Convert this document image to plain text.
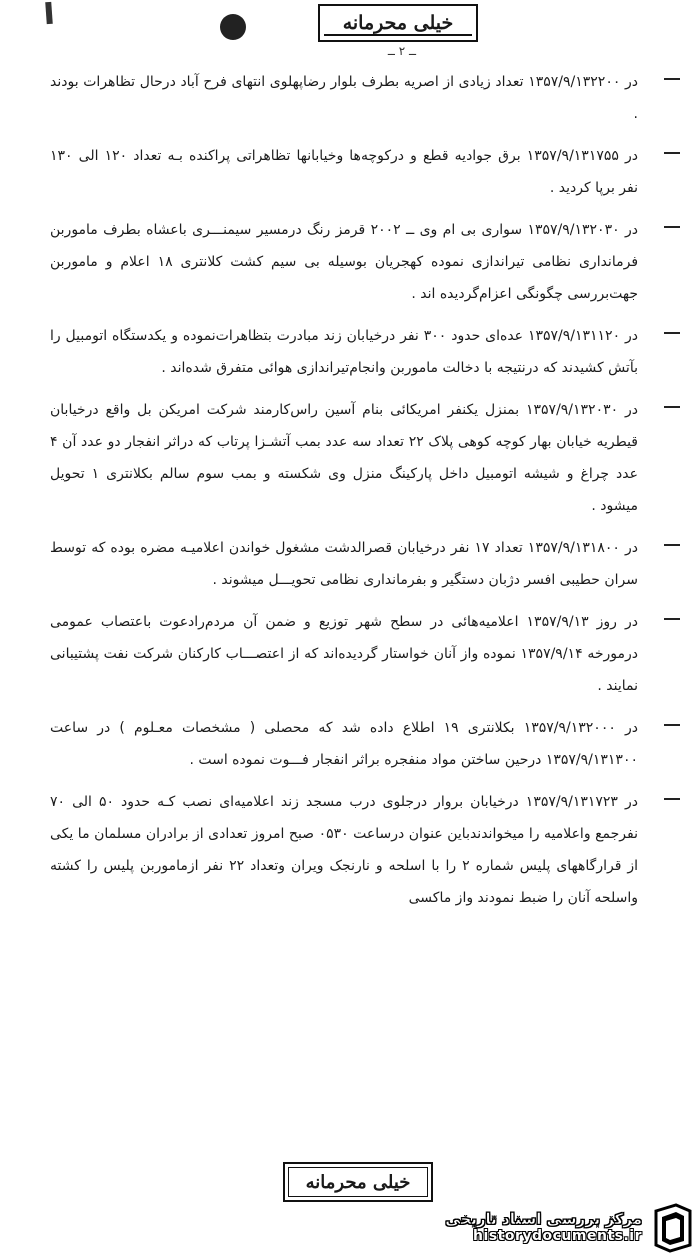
خیلی محرمانه
ــ ۲ ــ

در ۱۳۵۷/۹/۱۳۲۲۰۰ تعداد زیادی از اصریه بطرف بلوار رضاپهلوی انتهای فرح آباد درحال تظاهرات بودند .

در ۱۳۵۷/۹/۱۳۱۷۵۵ برق جوادیه قطع و درکوچه‌ها وخیابانها تظاهراتی پراکنده بـه تعداد ۱۲۰ الی ۱۳۰ نفر برپا کردید .

در ۱۳۵۷/۹/۱۳۲۰۳۰ سواری بی ام وی ــ ۲۰۰۲ قرمز رنگ درمسیر سیمنـــری باعشاه بطرف ماموربن فرمانداری نظامی تیراندازی نموده کهجریان بوسیله بی سیم کشت کلانتری ۱۸ اعلام و ماموربن جهت‌بررسی چگونگی اعزام‌گردیده اند .

در ۱۳۵۷/۹/۱۳۱۱۲۰ عده‌ای حدود ۳۰۰ نفر درخیابان زند مبادرت بتظاهرات‌نموده و یکدستگاه اتومبیل را بآتش کشیدند که درنتیجه با دخالت ماموربن وانجام‌تیراندازی هوائی متفرق شده‌اند .

در ۱۳۵۷/۹/۱۳۲۰۳۰ بمنزل یکنفر امریکائی بنام آسین راس‌کارمند شرکت امریکن بل واقع درخیابان قیطریه خیابان بهار کوچه کوهی پلاک ۲۲ تعداد سه عدد بمب آتشـزا پرتاب که دراثر انفجار دو عدد آن ۴ عدد چراغ و شیشه اتومبیل داخل پارکینگ منزل وی شکسته و بمب سوم سالم بکلانتری ۱ تحویل میشود .

در ۱۳۵۷/۹/۱۳۱۸۰۰ تعداد ۱۷ نفر درخیابان قصرالدشت مشغول خواندن اعلامیـه مضره بوده که توسط سران حطیبی افسر دژبان دستگیر و بفرمانداری نظامی تحویـــل میشوند .

در روز ۱۳۵۷/۹/۱۳ اعلامیه‌هائی در سطح شهر توزیع و ضمن آن مردم‌رادعوت باعتصاب عمومی درمورخه ۱۳۵۷/۹/۱۴ نموده واز آنان خواستار گردیده‌اند که از اعتصـــاب کارکنان شرکت نفت پشتیبانی نمایند .

در ۱۳۵۷/۹/۱۳۲۰۰۰ بکلانتری ۱۹ اطلاع داده شد که محصلی ( مشخصات معـلوم ) در ساعت ۱۳۵۷/۹/۱۳۱۳۰۰ درحین ساختن مواد منفجره براثر انفجار فـــوت نموده است .

در ۱۳۵۷/۹/۱۳۱۷۲۳ درخیابان بروار درجلوی درب مسجد زند اعلامیه‌ای نصب کـه حدود ۵۰ الی ۷۰ نفرجمع واعلامیه را میخواندند‌باین عنوان درساعت ۰۵۳۰ صبح امروز تعدادی از برادران مسلمان ما یکی از قرارگاههای پلیس شماره ۲ را با اسلحه و نارنجک ویران وتعداد ۲۲ نفر ازماموربن پلیس را کشته واسلحه آنان را ضبط نمودند واز ماکسی

خیلی محرمانه
مرکز بررسی اسناد تاریخی
historydocuments.ir
